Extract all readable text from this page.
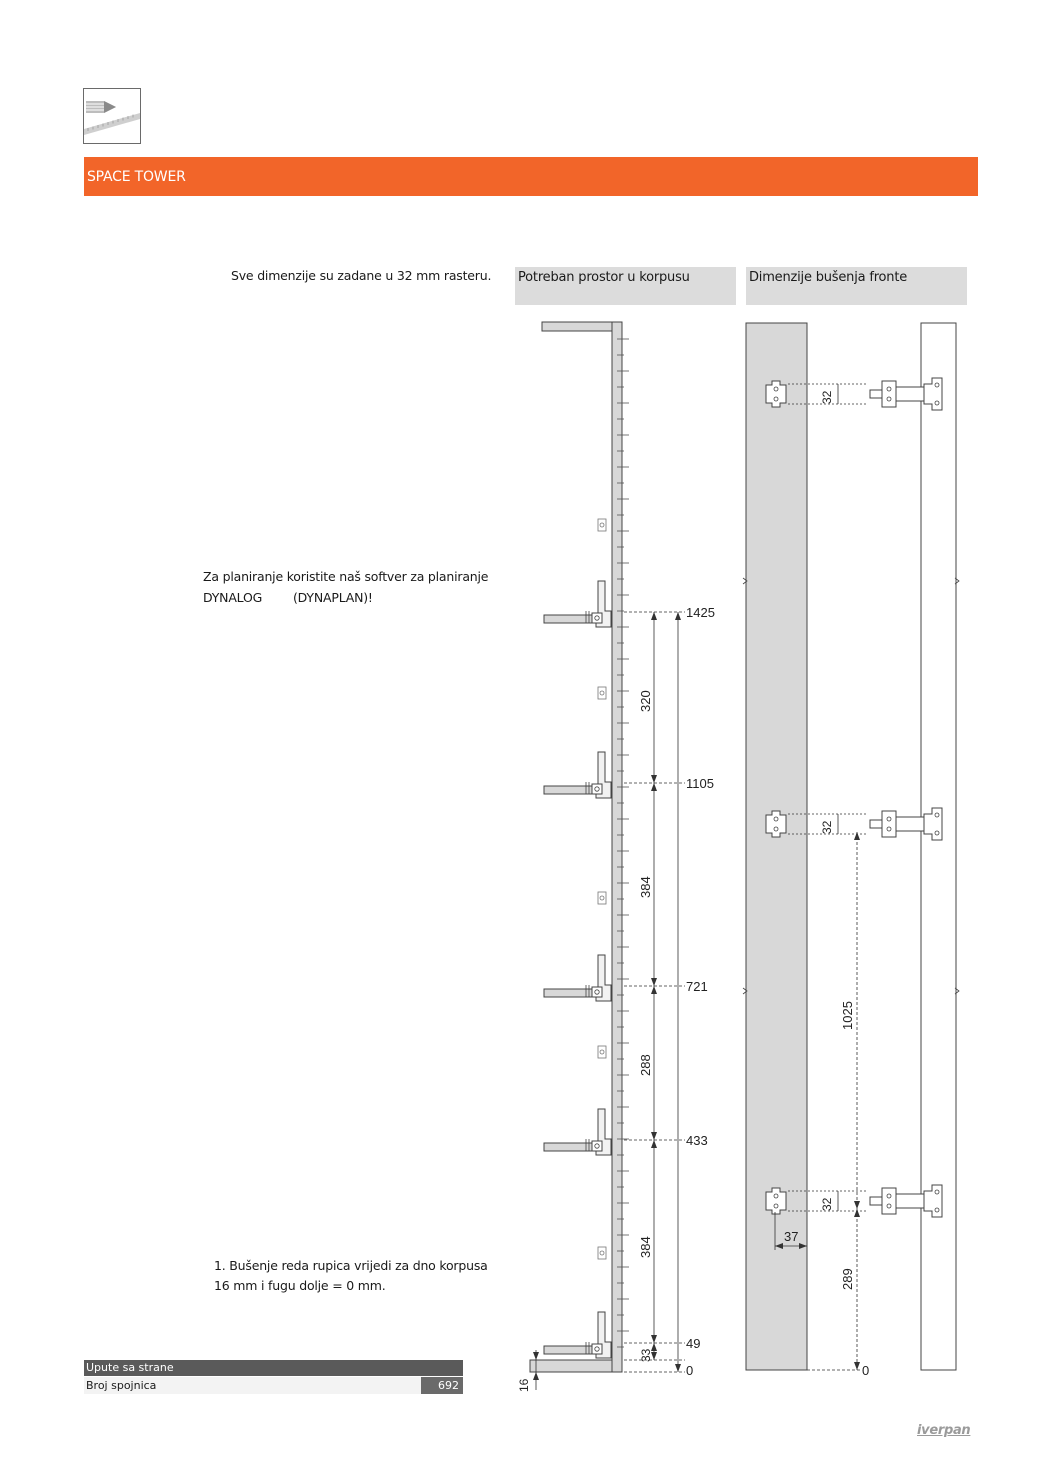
SPACE TOWER
Sve dimenzije su zadane u 32 mm rasteru.
Za planiranje koristite naš softver za planiranje
DYNALOG (DYNAPLAN)!
1. Bušenje reda rupica vrijedi za dno korpusa
16 mm i fugu dolje = 0 mm.
Potreban prostor u korpusu	Dimenzije bušenja fronte
1425
1105
721
433
49
0
320
384
288
384
33
16
1025
289
0
37
32
32
32
Upute sa strane
Broj spojnica	692
iverpan
